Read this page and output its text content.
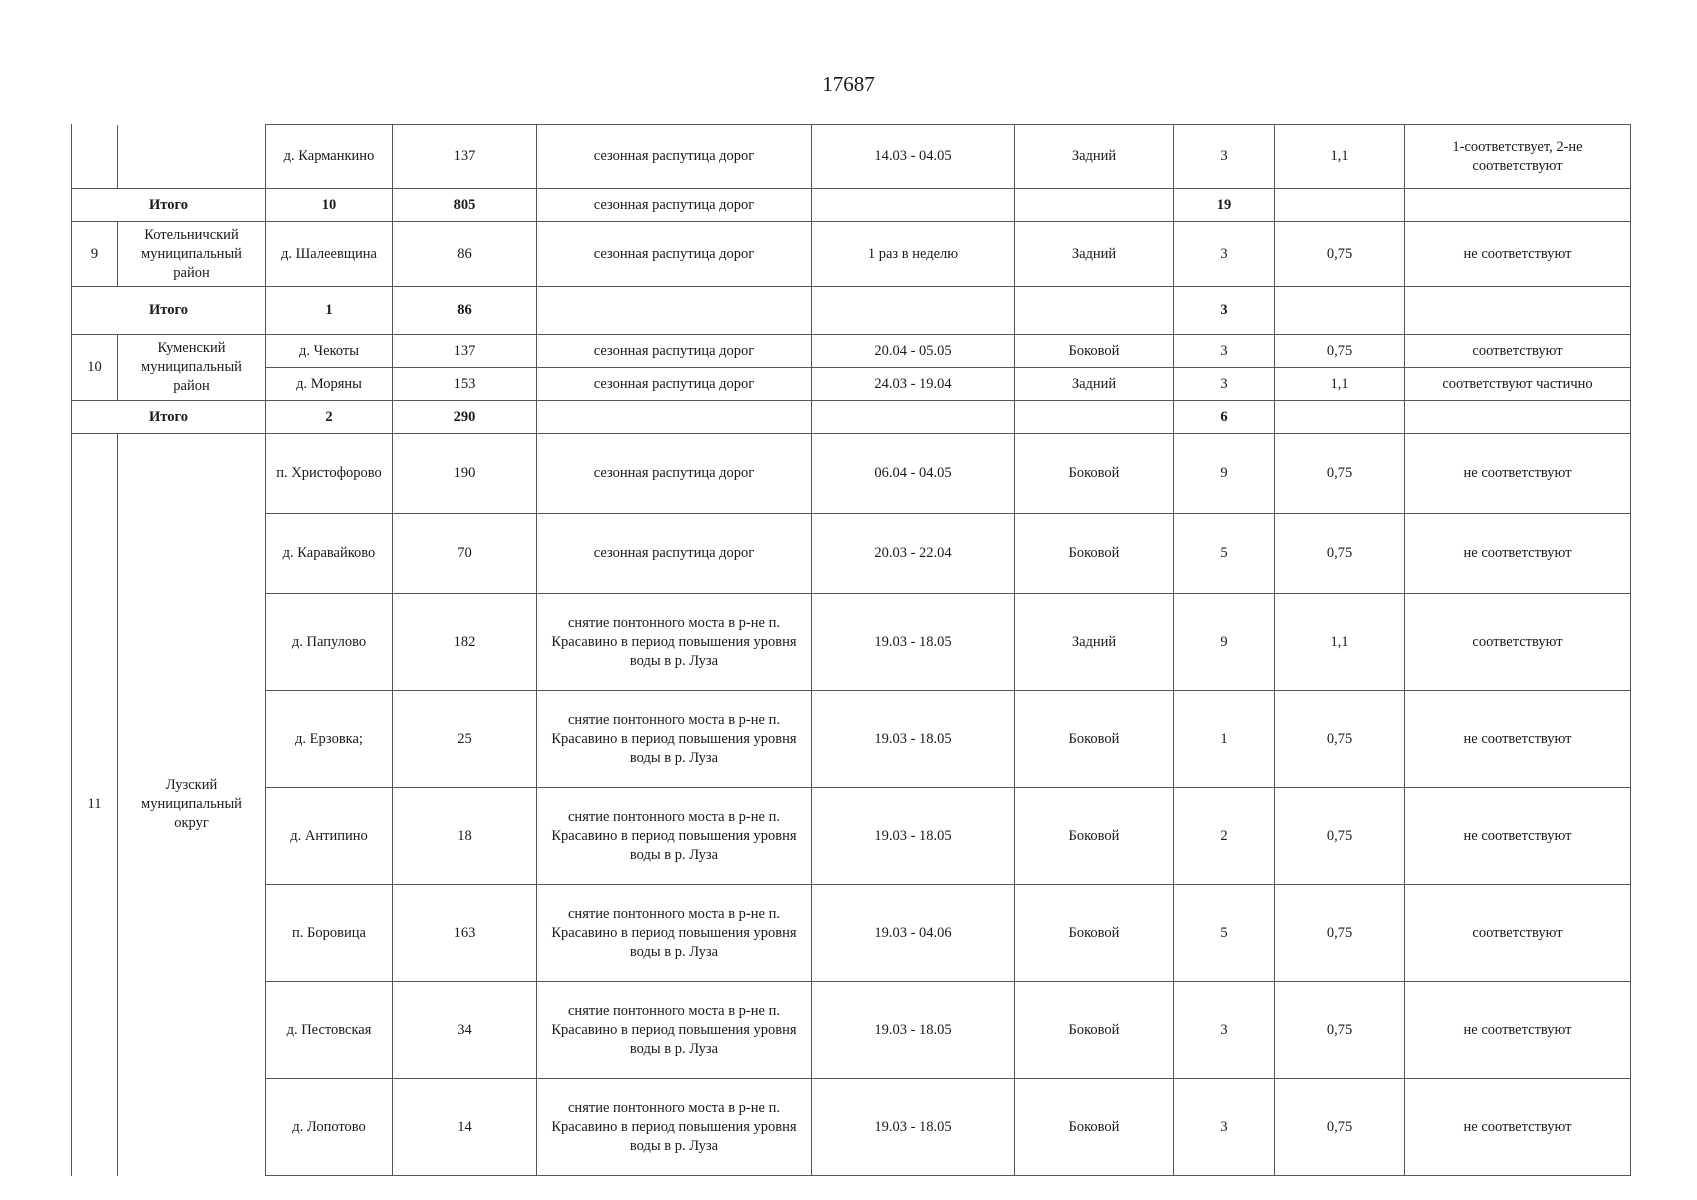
17687
		д. Карманкино	137	сезонная распутица дорог	14.03 - 04.05	Задний	3	1,1	1-соответствует, 2-не соответствуют
Итого		10	805	сезонная распутица дорог			19		
9	Котельничский муниципальный район	д. Шалеевщина	86	сезонная распутица дорог	1 раз в неделю	Задний	3	0,75	не соответствуют
Итого		1	86				3		
10	Куменский муниципальный район	д. Чекоты	137	сезонная распутица дорог	20.04 - 05.05	Боковой	3	0,75	соответствуют
		д. Моряны	153	сезонная распутица дорог	24.03 - 19.04	Задний	3	1,1	соответствуют частично
Итого		2	290				6		
11	Лузский муниципальный округ	п. Христофорово	190	сезонная распутица дорог	06.04 - 04.05	Боковой	9	0,75	не соответствуют
		д. Каравайково	70	сезонная распутица дорог	20.03 - 22.04	Боковой	5	0,75	не соответствуют
		д. Папулово	182	снятие понтонного моста в р-не п. Красавино в период повышения уровня воды в р. Луза	19.03 - 18.05	Задний	9	1,1	соответствуют
		д. Ерзовка;	25	снятие понтонного моста в р-не п. Красавино в период повышения уровня воды в р. Луза	19.03 - 18.05	Боковой	1	0,75	не соответствуют
		д. Антипино	18	снятие понтонного моста в р-не п. Красавино в период повышения уровня воды в р. Луза	19.03 - 18.05	Боковой	2	0,75	не соответствуют
		п. Боровица	163	снятие понтонного моста в р-не п. Красавино в период повышения уровня воды в р. Луза	19.03 - 04.06	Боковой	5	0,75	соответствуют
		д. Пестовская	34	снятие понтонного моста в р-не п. Красавино в период повышения уровня воды в р. Луза	19.03 - 18.05	Боковой	3	0,75	не соответствуют
		д. Лопотово	14	снятие понтонного моста в р-не п. Красавино в период повышения уровня воды в р. Луза	19.03 - 18.05	Боковой	3	0,75	не соответствуют
